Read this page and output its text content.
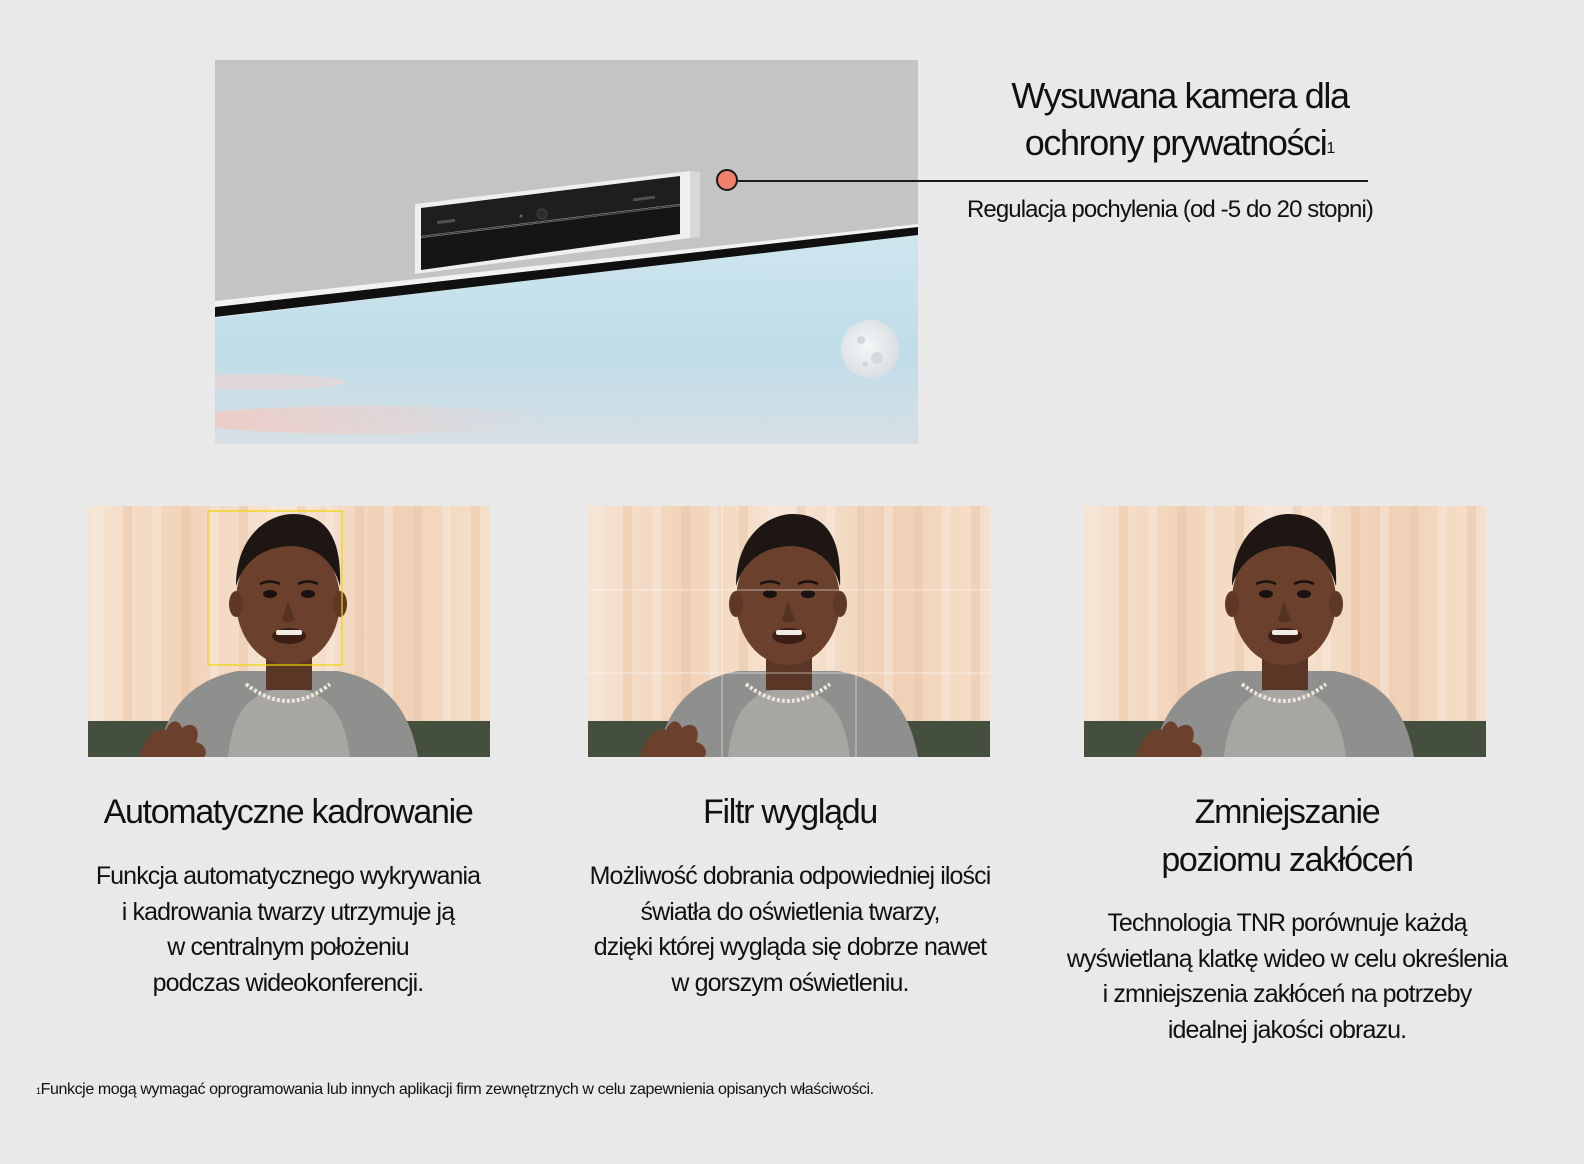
Wysuwana kamera dla
ochrony prywatności$^1$
Regulacja pochylenia (od -5 do 20 stopni)
Automatyczne kadrowanie
Funkcja automatycznego wykrywania
i kadrowania twarzy utrzymuje ją
w centralnym położeniu
podczas wideokonferencji.
Filtr wyglądu
Możliwość dobrania odpowiedniej ilości
światła do oświetlenia twarzy,
dzięki której wygląda się dobrze nawet
w gorszym oświetleniu.
Zmniejszanie
poziomu zakłóceń
Technologia TNR porównuje każdą
wyświetlaną klatkę wideo w celu określenia
i zmniejszenia zakłóceń na potrzeby
idealnej jakości obrazu.
$^1$Funkcje mogą wymagać oprogramowania lub innych aplikacji firm zewnętrznych w celu zapewnienia opisanych właściwości.
